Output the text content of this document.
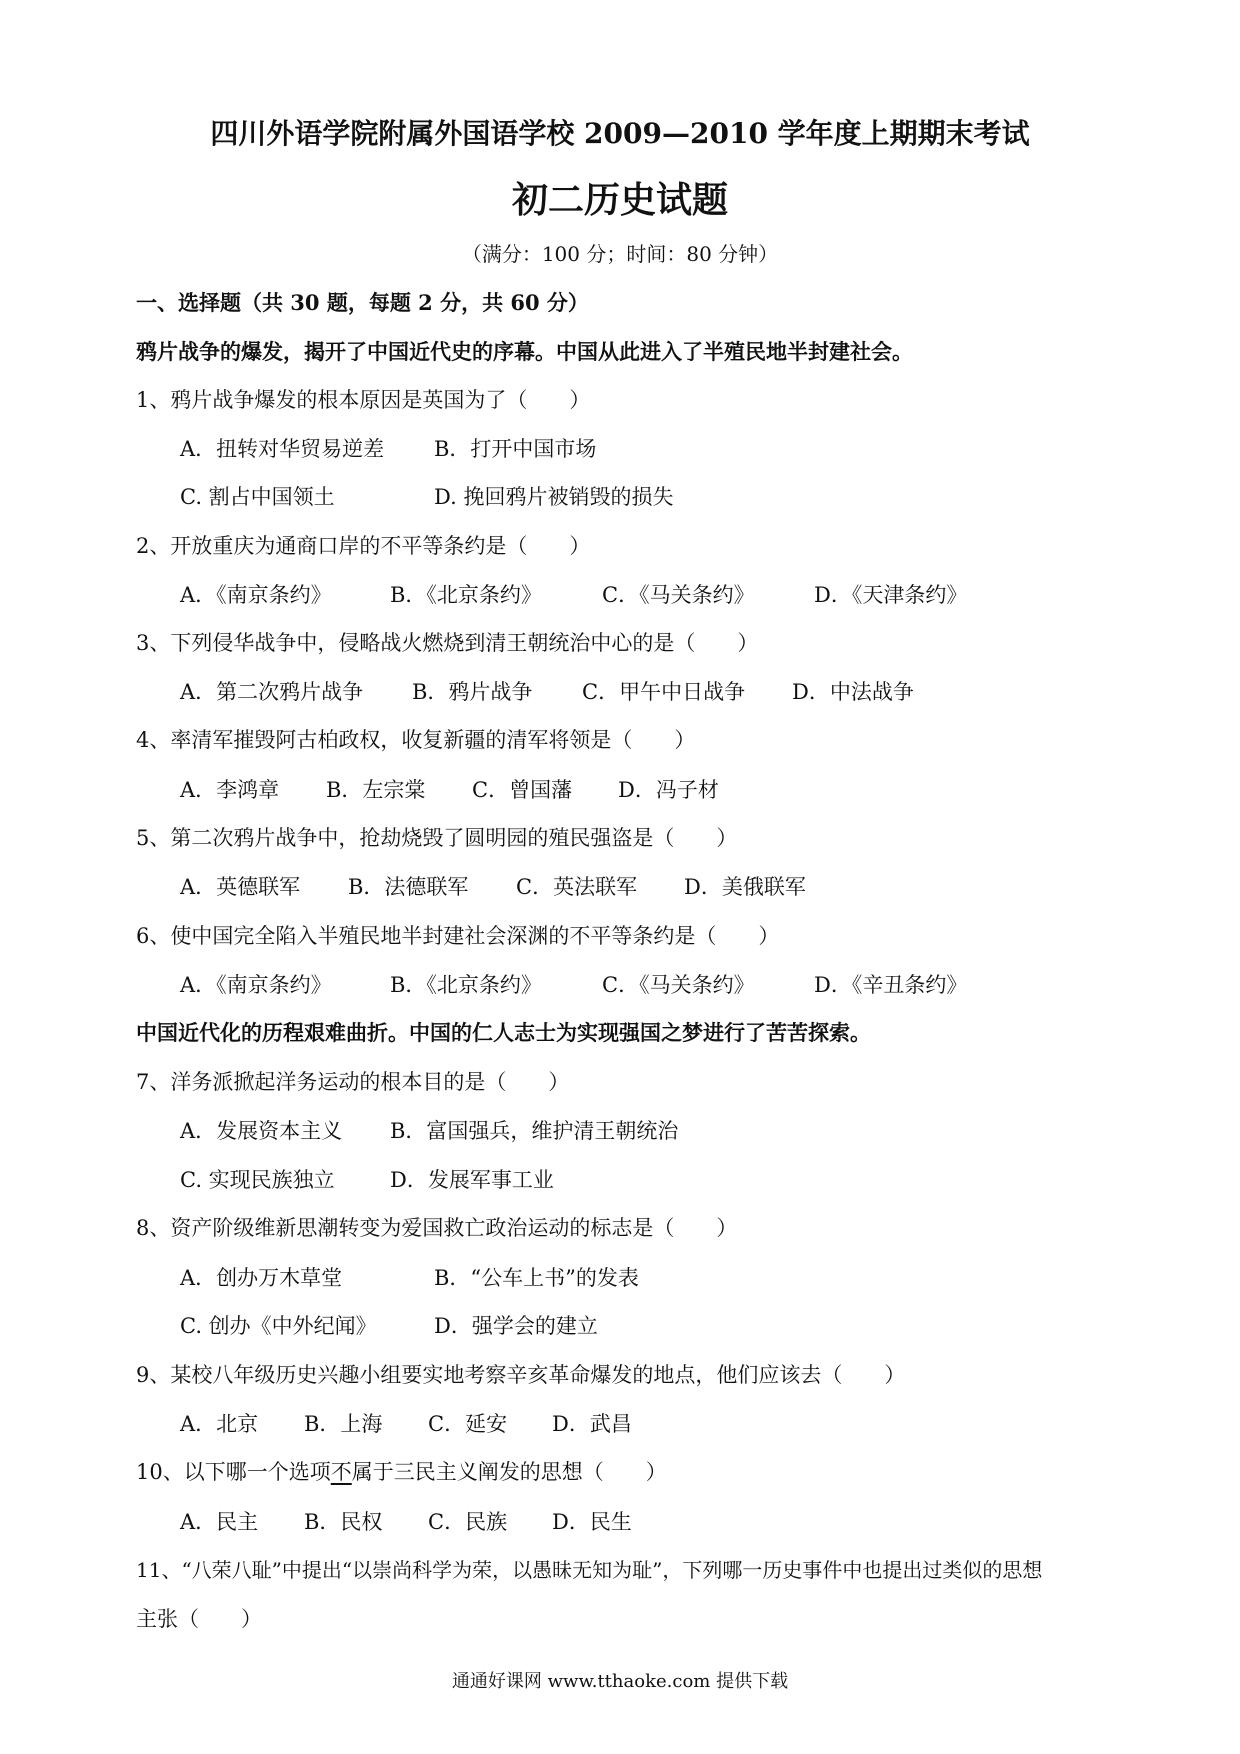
四川外语学院附属外国语学校 2009—2010 学年度上期期末考试
初二历史试题
（满分：100 分；时间：80 分钟）
一、选择题（共 30 题，每题 2 分，共 60 分）
鸦片战争的爆发，揭开了中国近代史的序幕。中国从此进入了半殖民地半封建社会。
1、鸦片战争爆发的根本原因是英国为了（　　）
A．扭转对华贸易逆差 B．打开中国市场
C. 割占中国领土	D. 挽回鸦片被销毁的损失
2、开放重庆为通商口岸的不平等条约是（　　）
A．《南京条约》	B．《北京条约》	C．《马关条约》	D．《天津条约》
3、下列侵华战争中，侵略战火燃烧到清王朝统治中心的是（　　）
A．第二次鸦片战争 B．鸦片战争 C．甲午中日战争 D．中法战争
4、率清军摧毁阿古柏政权，收复新疆的清军将领是（　　）
A．李鸿章 B．左宗棠 C．曾国藩 D．冯子材
5、第二次鸦片战争中，抢劫烧毁了圆明园的殖民强盗是（　　）
A．英德联军 B．法德联军 C．英法联军 D．美俄联军
6、使中国完全陷入半殖民地半封建社会深渊的不平等条约是（　　）
A．《南京条约》	B．《北京条约》	C．《马关条约》	D．《辛丑条约》
中国近代化的历程艰难曲折。中国的仁人志士为实现强国之梦进行了苦苦探索。
7、洋务派掀起洋务运动的根本目的是（　　）
A．发展资本主义 B．富国强兵，维护清王朝统治
C. 实现民族独立	D．发展军事工业
8、资产阶级维新思潮转变为爱国救亡政治运动的标志是（　　）
A．创办万木草堂	B．“公车上书”的发表
C. 创办《中外纪闻》	D．强学会的建立
9、某校八年级历史兴趣小组要实地考察辛亥革命爆发的地点，他们应该去（　　）
A．北京 B．上海 C．延安 D．武昌
10、以下哪一个选项不属于三民主义阐发的思想（　　）
A．民主 B．民权 C．民族 D．民生
11、“八荣八耻”中提出“以崇尚科学为荣，以愚昧无知为耻”，下列哪一历史事件中也提出过类似的思想
主张（　　）
通通好课网 www.tthaoke.com 提供下载
